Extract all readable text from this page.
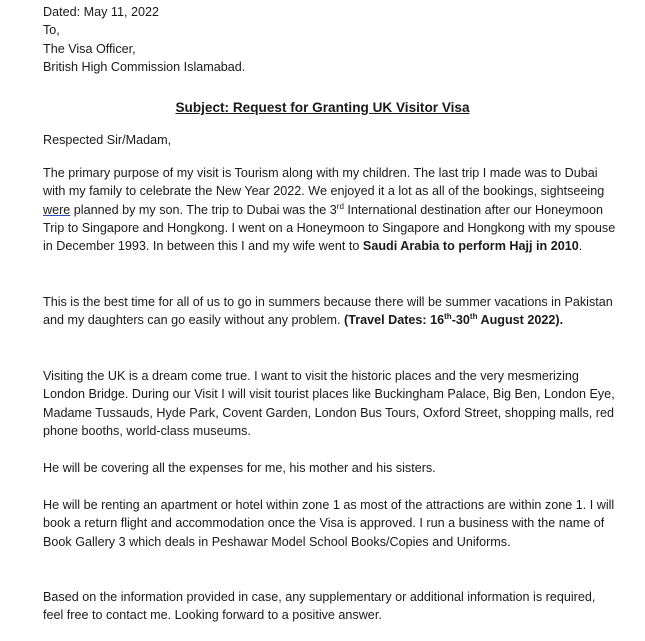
Dated: May 11, 2022
To,
The Visa Officer,
British High Commission Islamabad.
Subject: Request for Granting UK Visitor Visa

Respected Sir/Madam,

The primary purpose of my visit is Tourism along with my children. The last trip I made was to Dubai with my family to celebrate the New Year 2022. We enjoyed it a lot as all of the bookings, sightseeing were planned by my son. The trip to Dubai was the 3rd International destination after our Honeymoon Trip to Singapore and Hongkong. I went on a Honeymoon to Singapore and Hongkong with my spouse in December 1993. In between this I and my wife went to Saudi Arabia to perform Hajj in 2010.

This is the best time for all of us to go in summers because there will be summer vacations in Pakistan and my daughters can go easily without any problem. (Travel Dates: 16th-30th August 2022).

Visiting the UK is a dream come true. I want to visit the historic places and the very mesmerizing London Bridge. During our Visit I will visit tourist places like Buckingham Palace, Big Ben, London Eye, Madame Tussauds, Hyde Park, Covent Garden, London Bus Tours, Oxford Street, shopping malls, red phone booths, world-class museums.

He will be covering all the expenses for me, his mother and his sisters.

He will be renting an apartment or hotel within zone 1 as most of the attractions are within zone 1. I will book a return flight and accommodation once the Visa is approved. I run a business with the name of Book Gallery 3 which deals in Peshawar Model School Books/Copies and Uniforms.

Based on the information provided in case, any supplementary or additional information is required, feel free to contact me. Looking forward to a positive answer.
